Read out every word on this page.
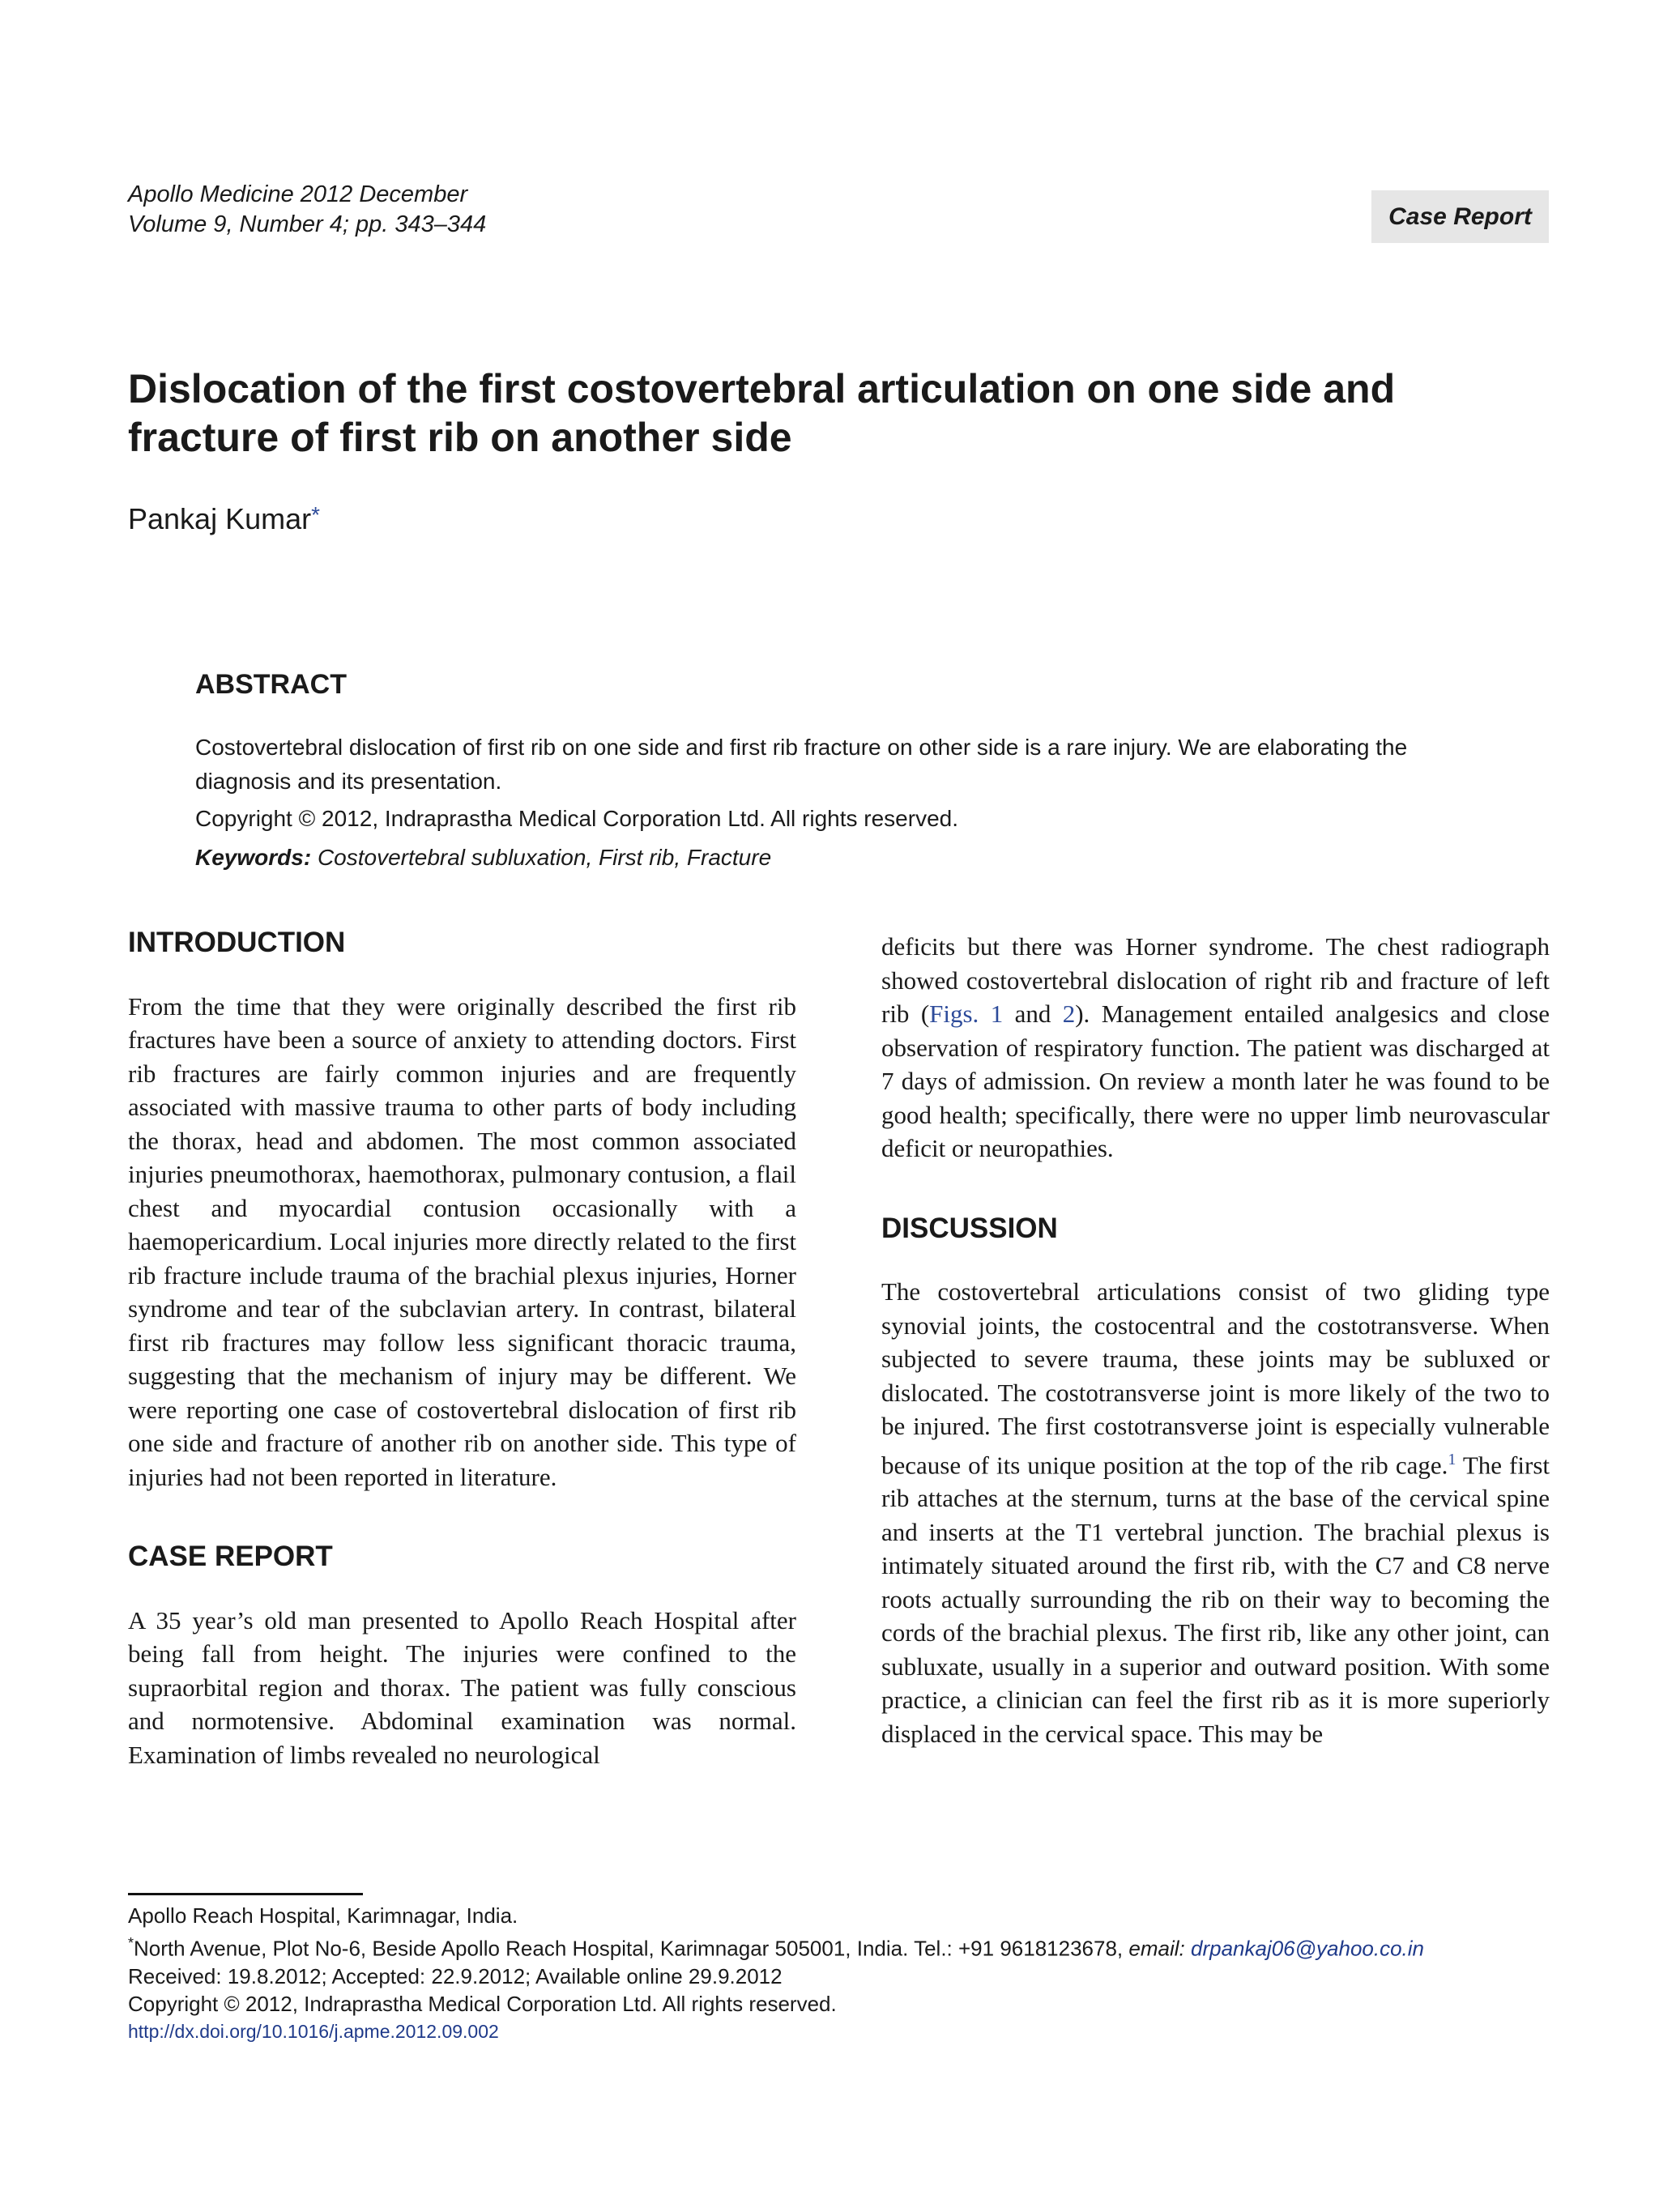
Apollo Medicine 2012 December
Volume 9, Number 4; pp. 343–344	Case Report
Dislocation of the first costovertebral articulation on one side and fracture of first rib on another side
Pankaj Kumar*
ABSTRACT
Costovertebral dislocation of first rib on one side and first rib fracture on other side is a rare injury. We are elaborating the diagnosis and its presentation.
Copyright © 2012, Indraprastha Medical Corporation Ltd. All rights reserved.
Keywords: Costovertebral subluxation, First rib, Fracture
INTRODUCTION
From the time that they were originally described the first rib fractures have been a source of anxiety to attending doctors. First rib fractures are fairly common injuries and are frequently associated with massive trauma to other parts of body including the thorax, head and abdomen. The most common associated injuries pneumothorax, haemothorax, pulmonary contusion, a flail chest and myocardial contusion occasionally with a haemopericardium. Local injuries more directly related to the first rib fracture include trauma of the brachial plexus injuries, Horner syndrome and tear of the subclavian artery. In contrast, bilateral first rib fractures may follow less significant thoracic trauma, suggesting that the mechanism of injury may be different. We were reporting one case of costovertebral dislocation of first rib one side and fracture of another rib on another side. This type of injuries had not been reported in literature.
CASE REPORT
A 35 year’s old man presented to Apollo Reach Hospital after being fall from height. The injuries were confined to the supraorbital region and thorax. The patient was fully conscious and normotensive. Abdominal examination was normal. Examination of limbs revealed no neurological
deficits but there was Horner syndrome. The chest radiograph showed costovertebral dislocation of right rib and fracture of left rib (Figs. 1 and 2). Management entailed analgesics and close observation of respiratory function. The patient was discharged at 7 days of admission. On review a month later he was found to be good health; specifically, there were no upper limb neurovascular deficit or neuropathies.
DISCUSSION
The costovertebral articulations consist of two gliding type synovial joints, the costocentral and the costotransverse. When subjected to severe trauma, these joints may be subluxed or dislocated. The costotransverse joint is more likely of the two to be injured. The first costotransverse joint is especially vulnerable because of its unique position at the top of the rib cage.$^1$ The first rib attaches at the sternum, turns at the base of the cervical spine and inserts at the T1 vertebral junction. The brachial plexus is intimately situated around the first rib, with the C7 and C8 nerve roots actually surrounding the rib on their way to becoming the cords of the brachial plexus. The first rib, like any other joint, can subluxate, usually in a superior and outward position. With some practice, a clinician can feel the first rib as it is more superiorly displaced in the cervical space. This may be
Apollo Reach Hospital, Karimnagar, India.
*North Avenue, Plot No-6, Beside Apollo Reach Hospital, Karimnagar 505001, India. Tel.: +91 9618123678, email: drpankaj06@yahoo.co.in
Received: 19.8.2012; Accepted: 22.9.2012; Available online 29.9.2012
Copyright © 2012, Indraprastha Medical Corporation Ltd. All rights reserved.
http://dx.doi.org/10.1016/j.apme.2012.09.002
